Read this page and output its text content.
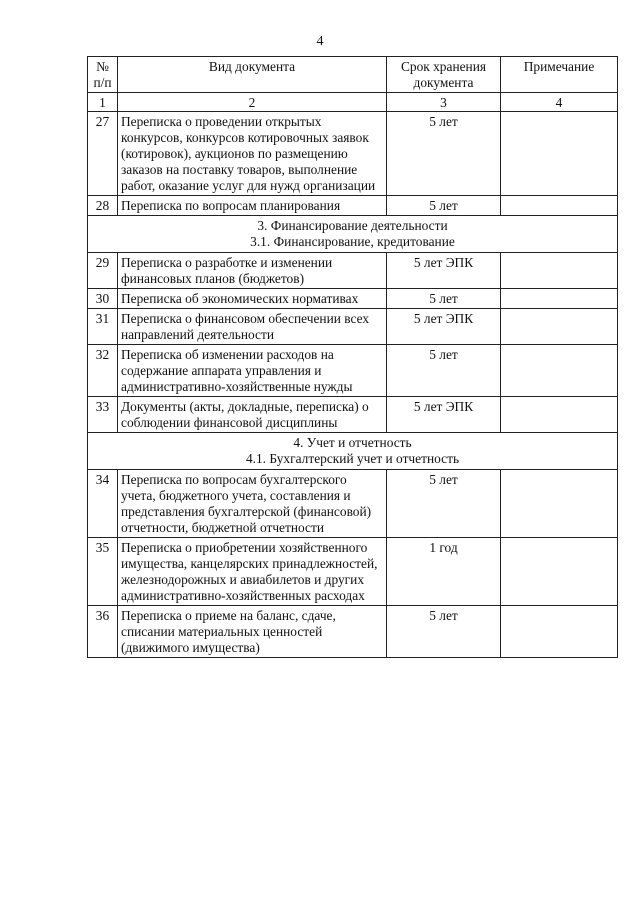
4
№ п/п	Вид документа	Срок хранения документа	Примечание
1	2	3	4
27	Переписка о проведении открытых конкурсов, конкурсов котировочных заявок (котировок), аукционов по размещению заказов на поставку товаров, выполнение работ, оказание услуг для нужд организации	5 лет	
28	Переписка по вопросам планирования	5 лет	

3. Финансирование деятельности
3.1. Финансирование, кредитование			

29	Переписка о разработке и изменении финансовых планов (бюджетов)	5 лет ЭПК	
30	Переписка об экономических нормативах	5 лет	
31	Переписка о финансовом обеспечении всех направлений деятельности	5 лет ЭПК	
32	Переписка об изменении расходов на содержание аппарата управления и административно-хозяйственные нужды	5 лет	
33	Документы (акты, докладные, переписка) о соблюдении финансовой дисциплины	5 лет ЭПК	

4. Учет и отчетность
4.1. Бухгалтерский учет и отчетность			

34	Переписка по вопросам бухгалтерского учета, бюджетного учета, составления и представления бухгалтерской (финансовой) отчетности, бюджетной отчетности	5 лет	
35	Переписка о приобретении хозяйственного имущества, канцелярских принадлежностей, железнодорожных и авиабилетов и других административно-хозяйственных расходах	1 год	
36	Переписка о приеме на баланс, сдаче, списании материальных ценностей (движимого имущества)	5 лет	
